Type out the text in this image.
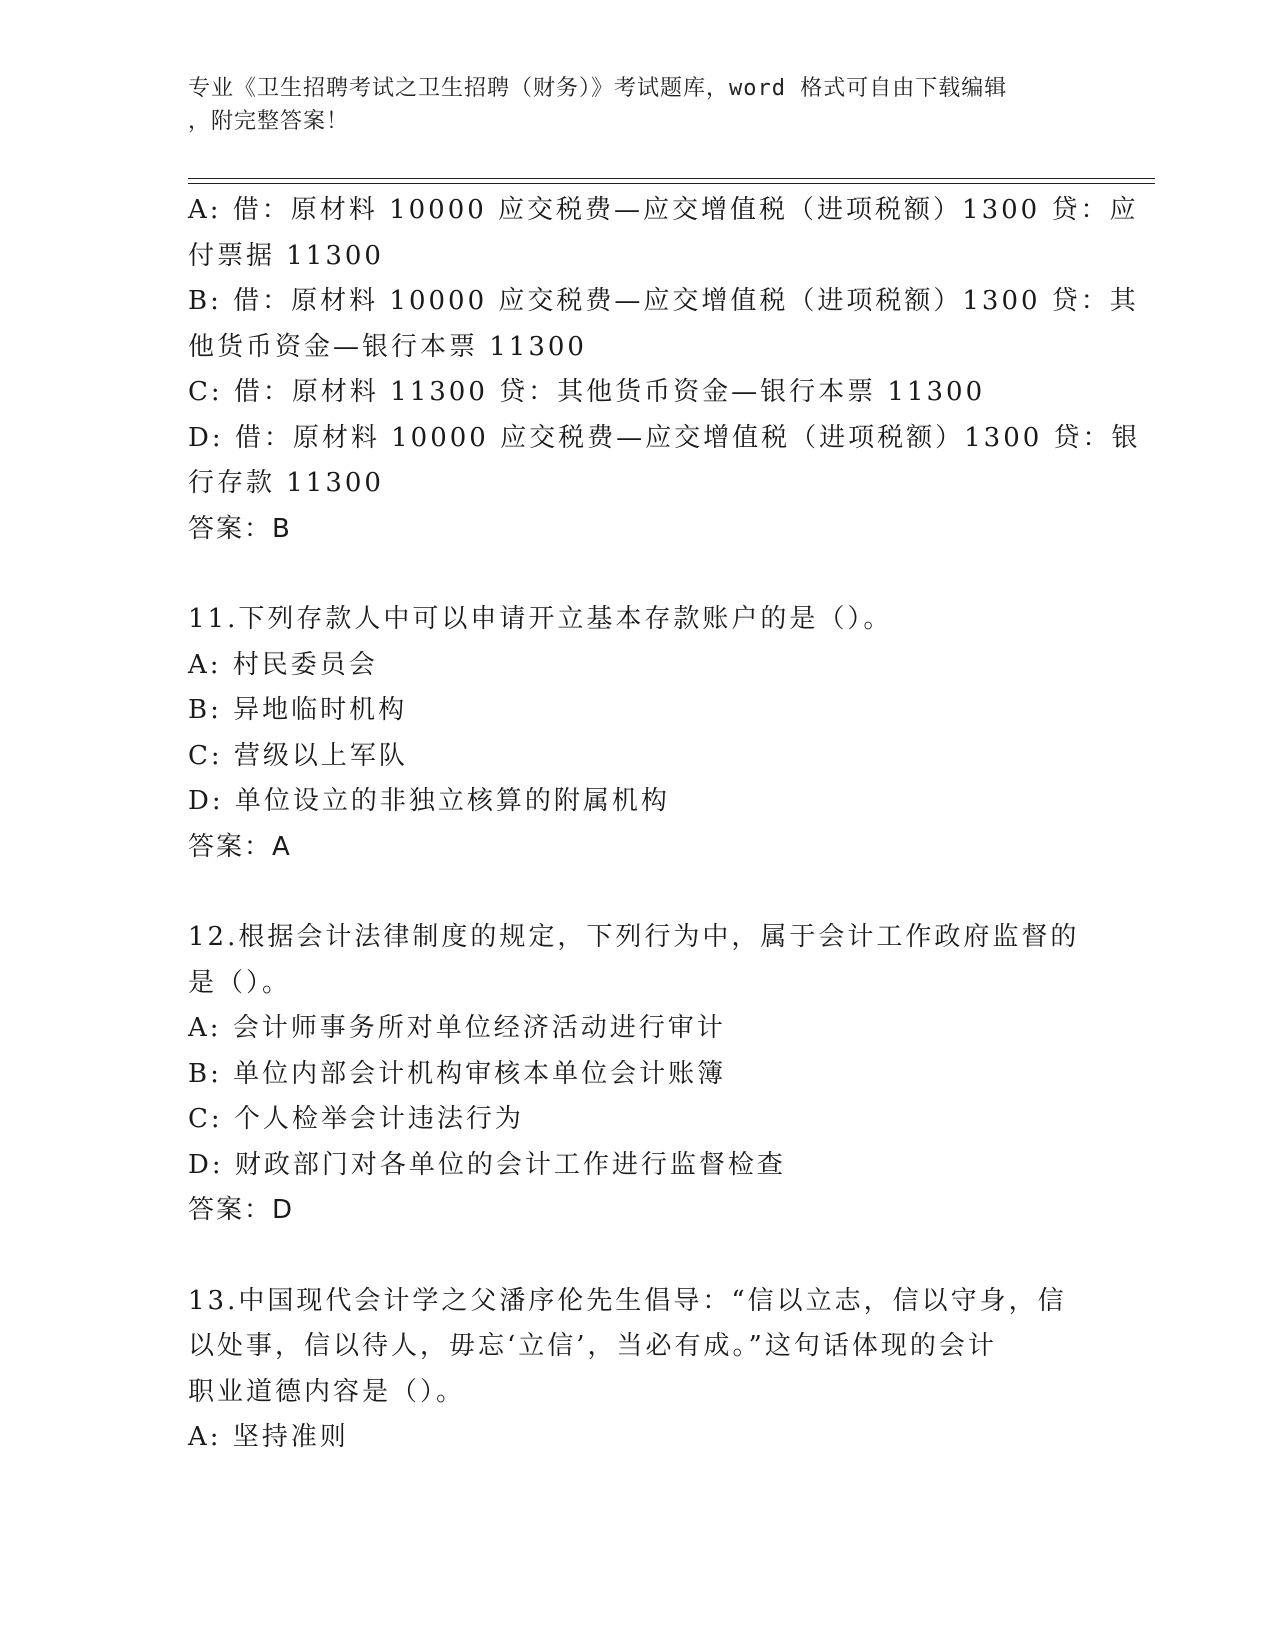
专业《卫生招聘考试之卫生招聘（财务）》考试题库，word 格式可自由下载编辑
，附完整答案！

A: 借：原材料 10000 应交税费—应交增值税（进项税额）1300 贷：应

付票据 11300

B: 借：原材料 10000 应交税费—应交增值税（进项税额）1300 贷：其

他货币资金—银行本票 11300

C: 借：原材料 11300 贷：其他货币资金—银行本票 11300

D: 借：原材料 10000 应交税费—应交增值税（进项税额）1300 贷：银

行存款 11300

答案：B

11.下列存款人中可以申请开立基本存款账户的是（）。

A: 村民委员会

B: 异地临时机构

C: 营级以上军队

D: 单位设立的非独立核算的附属机构

答案：A

12.根据会计法律制度的规定，下列行为中，属于会计工作政府监督的

是（）。

A: 会计师事务所对单位经济活动进行审计

B: 单位内部会计机构审核本单位会计账簿

C: 个人检举会计违法行为

D: 财政部门对各单位的会计工作进行监督检查

答案：D

13.中国现代会计学之父潘序伦先生倡导：“信以立志，信以守身，信

以处事，信以待人，毋忘‘立信’，当必有成。”这句话体现的会计

职业道德内容是（）。

A: 坚持准则
